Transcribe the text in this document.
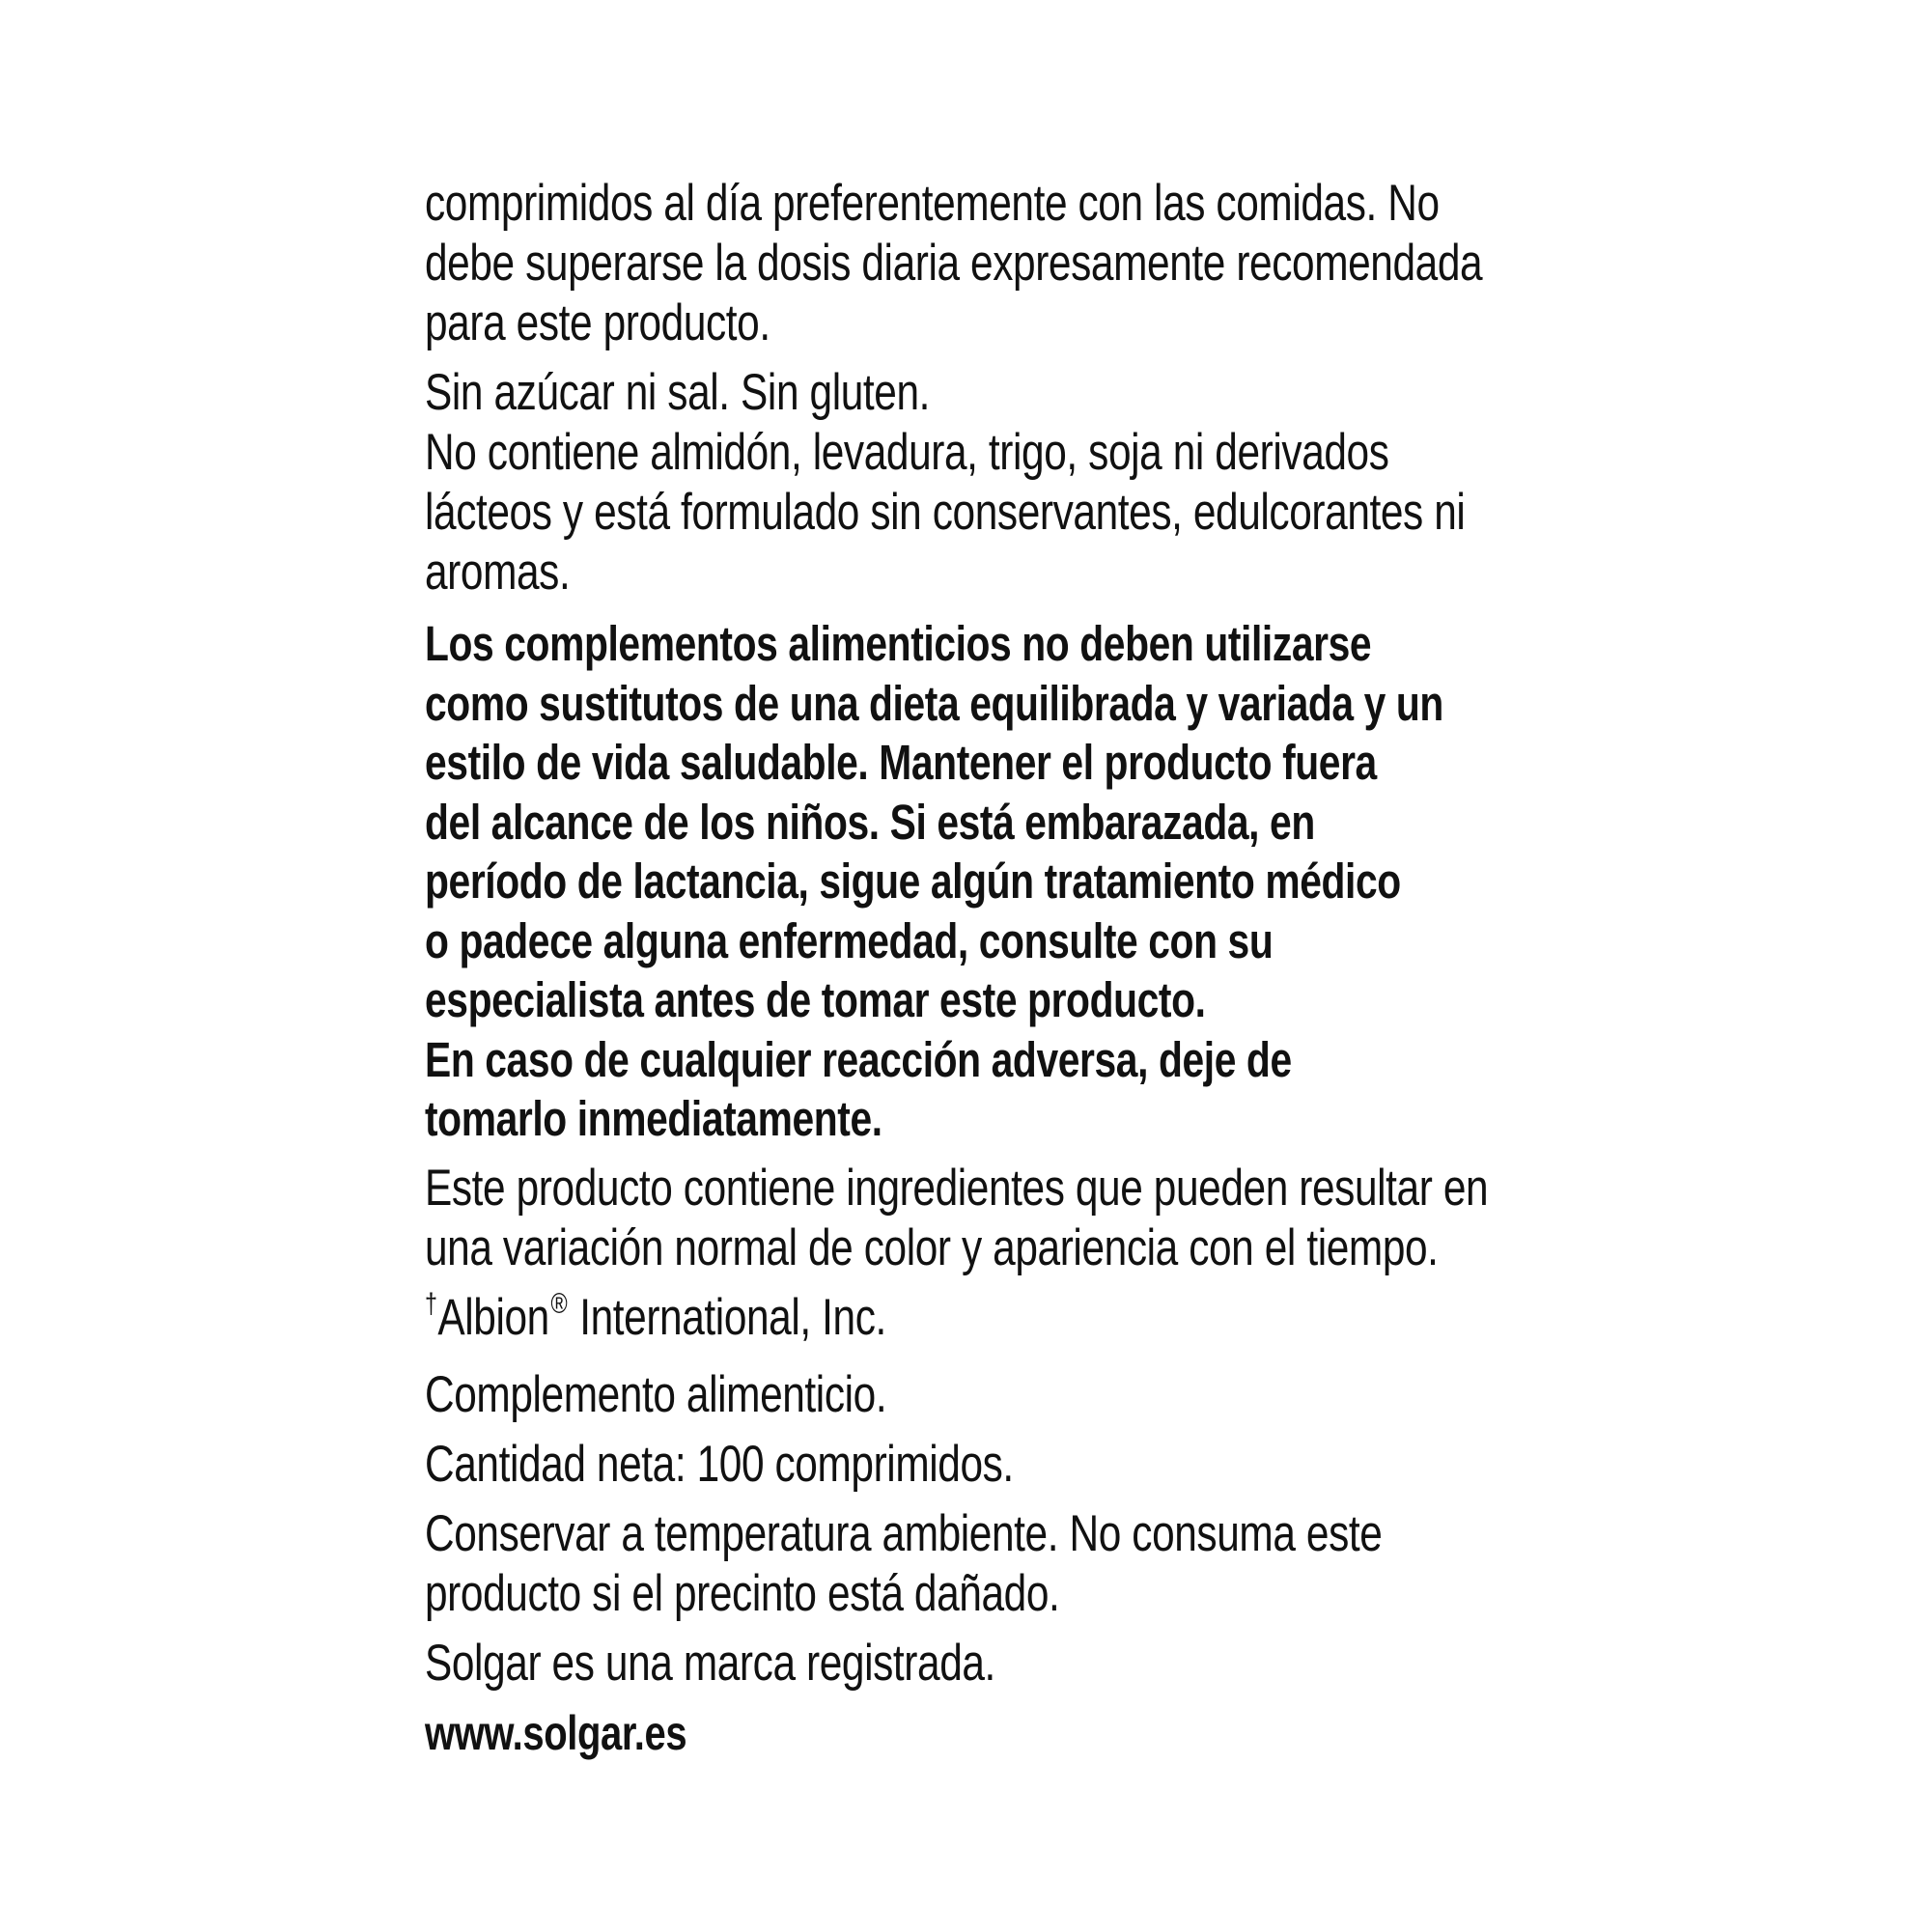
comprimidos al día preferentemente con las comidas. No
debe superarse la dosis diaria expresamente recomendada
para este producto.
Sin azúcar ni sal. Sin gluten.
No contiene almidón, levadura, trigo, soja ni derivados
lácteos y está formulado sin conservantes, edulcorantes ni
aromas.
Los complementos alimenticios no deben utilizarse
como sustitutos de una dieta equilibrada y variada y un
estilo de vida saludable. Mantener el producto fuera
del alcance de los niños. Si está embarazada, en
período de lactancia, sigue algún tratamiento médico
o padece alguna enfermedad, consulte con su
especialista antes de tomar este producto.
En caso de cualquier reacción adversa, deje de
tomarlo inmediatamente.
Este producto contiene ingredientes que pueden resultar en
una variación normal de color y apariencia con el tiempo.
†Albion® International, Inc.
Complemento alimenticio.
Cantidad neta: 100 comprimidos.
Conservar a temperatura ambiente. No consuma este
producto si el precinto está dañado.
Solgar es una marca registrada.
www.solgar.es
